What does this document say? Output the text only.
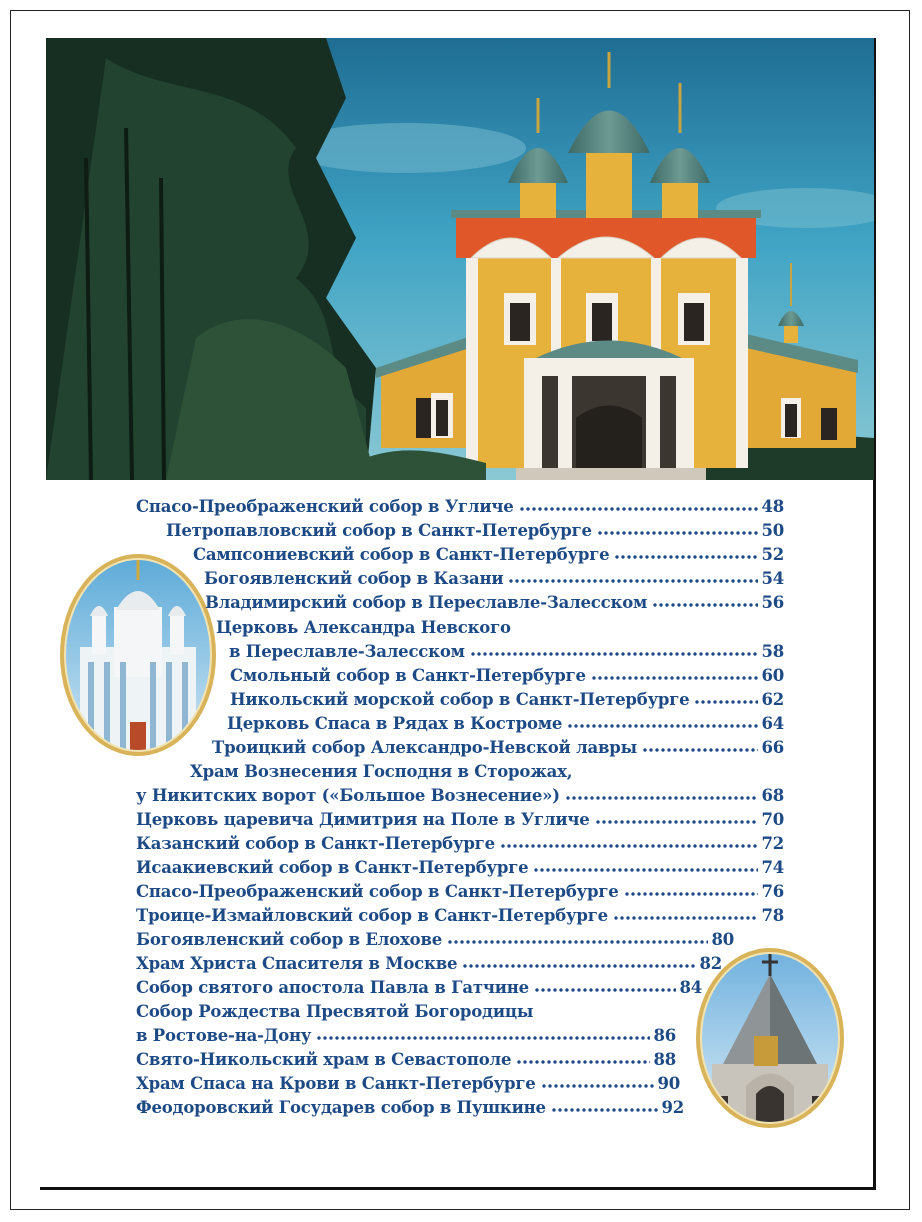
Спасо-Преображенский собор в Угличе	48
Петропавловский собор в Санкт-Петербурге	50
Сампсониевский собор в Санкт-Петербурге	52
Богоявленский собор в Казани	54
Владимирский собор в Переславле-Залесском	56
Церковь Александра Невского
в Переславле-Залесском	58
Смольный собор в Санкт-Петербурге	60
Никольский морской собор в Санкт-Петербурге	62
Церковь Спаса в Рядах в Костроме	64
Троицкий собор Александро-Невской лавры	66
Храм Вознесения Господня в Сторожах,
у Никитских ворот («Большое Вознесение»)	68
Церковь царевича Димитрия на Поле в Угличе	70
Казанский собор в Санкт-Петербурге	72
Исаакиевский собор в Санкт-Петербурге	74
Спасо-Преображенский собор в Санкт-Петербурге	76
Троице-Измайловский собор в Санкт-Петербурге	78
Богоявленский собор в Елохове	80
Храм Христа Спасителя в Москве	82
Собор святого апостола Павла в Гатчине	84
Собор Рождества Пресвятой Богородицы
в Ростове-на-Дону	86
Свято-Никольский храм в Севастополе	88
Храм Спаса на Крови в Санкт-Петербурге	90
Феодоровский Государев собор в Пушкине	92
